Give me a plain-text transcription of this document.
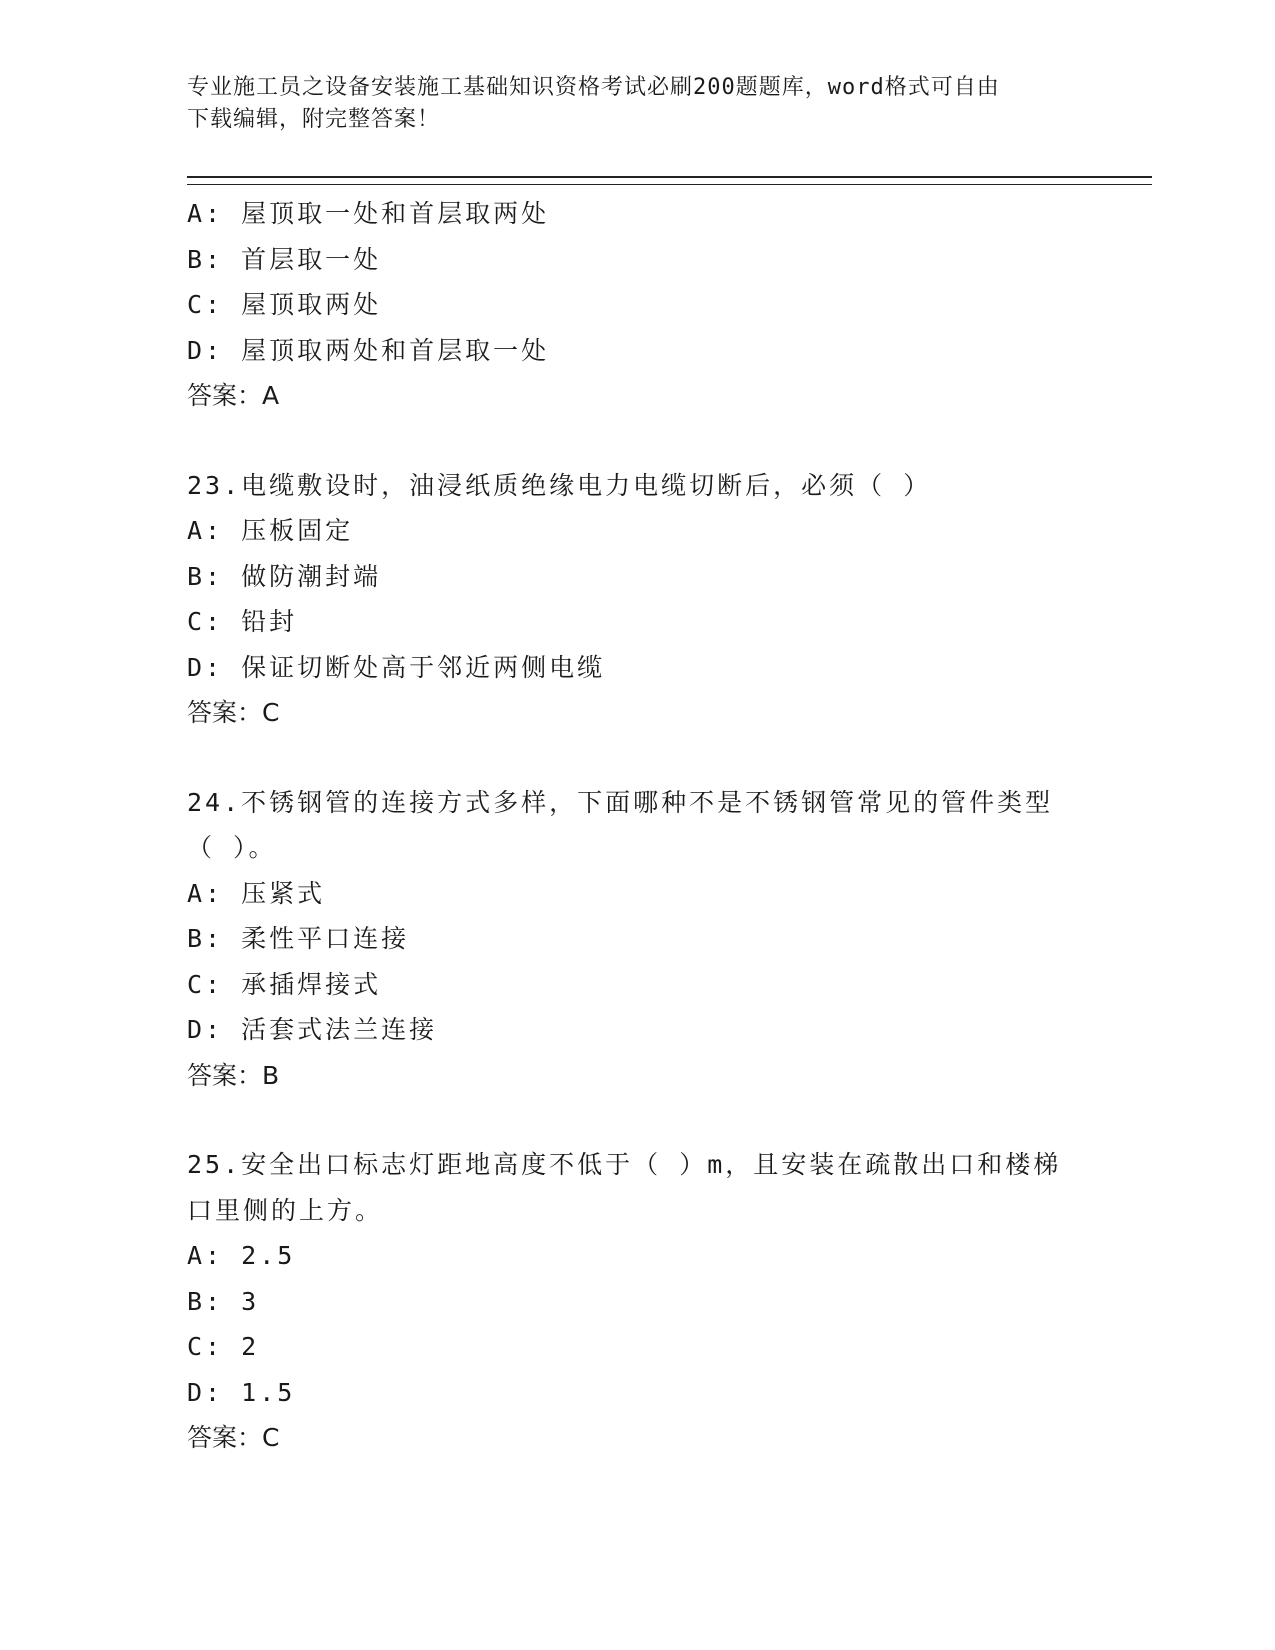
专业施工员之设备安装施工基础知识资格考试必刷200题题库，word格式可自由
下载编辑，附完整答案！
A: 屋顶取一处和首层取两处
B: 首层取一处
C: 屋顶取两处
D: 屋顶取两处和首层取一处
答案：A
23.电缆敷设时，油浸纸质绝缘电力电缆切断后，必须（ ）
A: 压板固定
B: 做防潮封端
C: 铅封
D: 保证切断处高于邻近两侧电缆
答案：C
24.不锈钢管的连接方式多样，下面哪种不是不锈钢管常见的管件类型
（ ）。
A: 压紧式
B: 柔性平口连接
C: 承插焊接式
D: 活套式法兰连接
答案：B
25.安全出口标志灯距地高度不低于（ ）m，且安装在疏散出口和楼梯
口里侧的上方。
A: 2.5
B: 3
C: 2
D: 1.5
答案：C
